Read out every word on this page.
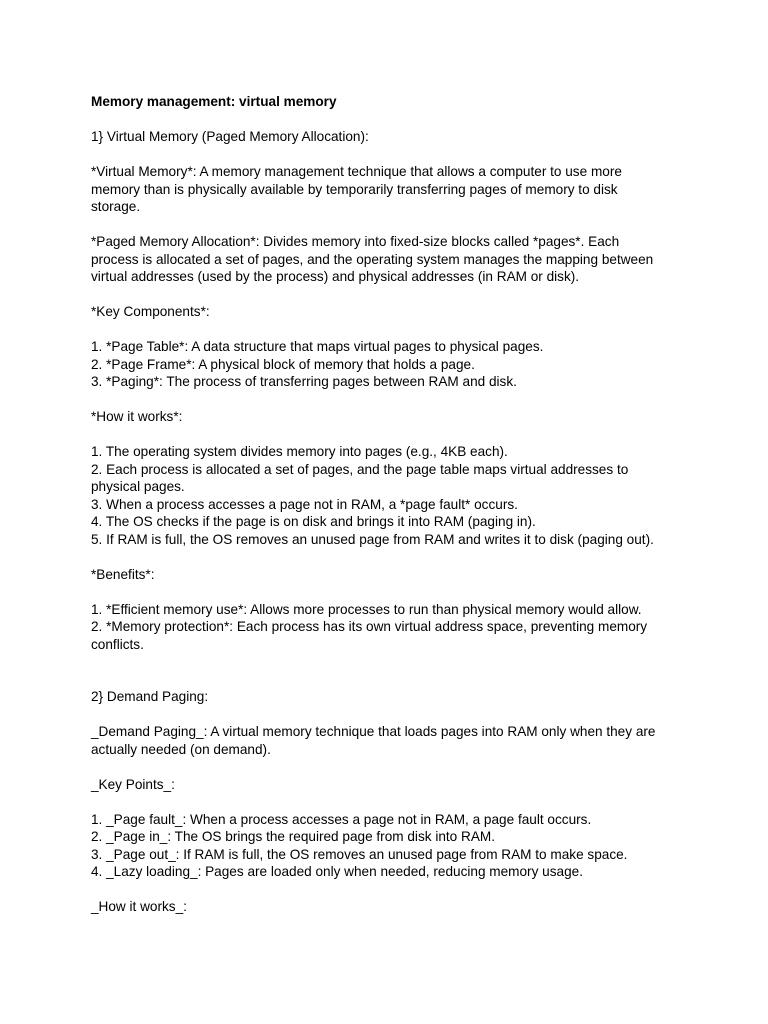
Memory management: virtual memory
1} Virtual Memory (Paged Memory Allocation):
*Virtual Memory*: A memory management technique that allows a computer to use more
memory than is physically available by temporarily transferring pages of memory to disk
storage.
*Paged Memory Allocation*: Divides memory into fixed-size blocks called *pages*. Each
process is allocated a set of pages, and the operating system manages the mapping between
virtual addresses (used by the process) and physical addresses (in RAM or disk).
*Key Components*:
1. *Page Table*: A data structure that maps virtual pages to physical pages.
2. *Page Frame*: A physical block of memory that holds a page.
3. *Paging*: The process of transferring pages between RAM and disk.
*How it works*:
1. The operating system divides memory into pages (e.g., 4KB each).
2. Each process is allocated a set of pages, and the page table maps virtual addresses to
physical pages.
3. When a process accesses a page not in RAM, a *page fault* occurs.
4. The OS checks if the page is on disk and brings it into RAM (paging in).
5. If RAM is full, the OS removes an unused page from RAM and writes it to disk (paging out).
*Benefits*:
1. *Efficient memory use*: Allows more processes to run than physical memory would allow.
2. *Memory protection*: Each process has its own virtual address space, preventing memory
conflicts.
2} Demand Paging:
_Demand Paging_: A virtual memory technique that loads pages into RAM only when they are
actually needed (on demand).
_Key Points_:
1. _Page fault_: When a process accesses a page not in RAM, a page fault occurs.
2. _Page in_: The OS brings the required page from disk into RAM.
3. _Page out_: If RAM is full, the OS removes an unused page from RAM to make space.
4. _Lazy loading_: Pages are loaded only when needed, reducing memory usage.
_How it works_:
